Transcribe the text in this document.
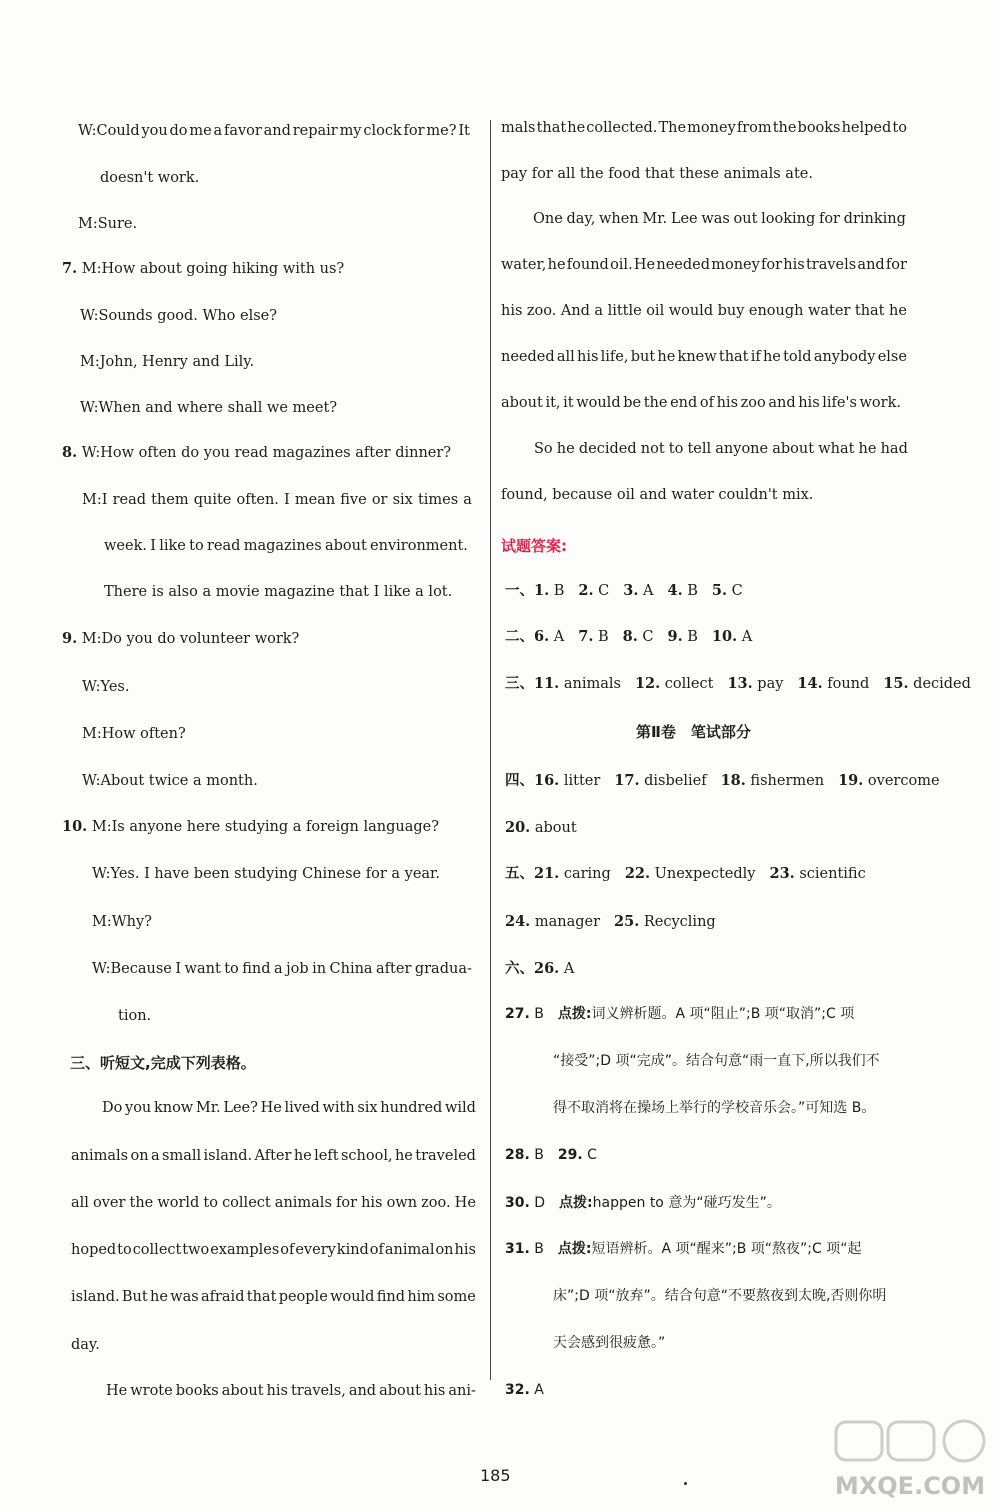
三、听短文,完成下列表格。
试题答案:
第Ⅱ卷　笔试部分
185	MXQE.COM
W:Could you do me a favor and repair my clock for me? It
doesn't work.
M:Sure.
7. M:How about going hiking with us?
W:Sounds good. Who else?
M:John, Henry and Lily.
W:When and where shall we meet?
8. W:How often do you read magazines after dinner?
M:I read them quite often. I mean five or six times a
week. I like to read magazines about environment.
There is also a movie magazine that I like a lot.
9. M:Do you do volunteer work?
W:Yes.
M:How often?
W:About twice a month.
10. M:Is anyone here studying a foreign language?
W:Yes. I have been studying Chinese for a year.
M:Why?
W:Because I want to find a job in China after gradua-
tion.
Do you know Mr. Lee? He lived with six hundred wild
animals on a small island. After he left school, he traveled
all over the world to collect animals for his own zoo. He
hoped to collect two examples of every kind of animal on his
island. But he was afraid that people would find him some
day.
He wrote books about his travels, and about his ani-
mals that he collected. The money from the books helped to
pay for all the food that these animals ate.
One day, when Mr. Lee was out looking for drinking
water, he found oil. He needed money for his travels and for
his zoo. And a little oil would buy enough water that he
needed all his life, but he knew that if he told anybody else
about it, it would be the end of his zoo and his life's work.
So he decided not to tell anyone about what he had
found, because oil and water couldn't mix.
一、1. B 2. C 3. A 4. B 5. C
二、6. A 7. B 8. C 9. B 10. A
三、11. animals 12. collect 13. pay 14. found 15. decided
四、16. litter 17. disbelief 18. fishermen 19. overcome
20. about
五、21. caring 22. Unexpectedly 23. scientific
24. manager 25. Recycling
六、26. A
27. B 点拨:词义辨析题。A 项“阻止”;B 项“取消”;C 项
“接受”;D 项“完成”。结合句意“雨一直下,所以我们不
得不取消将在操场上举行的学校音乐会。”可知选 B。
28. B 29. C
30. D 点拨:happen to 意为“碰巧发生”。
31. B 点拨:短语辨析。A 项“醒来”;B 项“熬夜”;C 项“起
床”;D 项“放弃”。结合句意“不要熬夜到太晚,否则你明
天会感到很疲惫。”
32. A
